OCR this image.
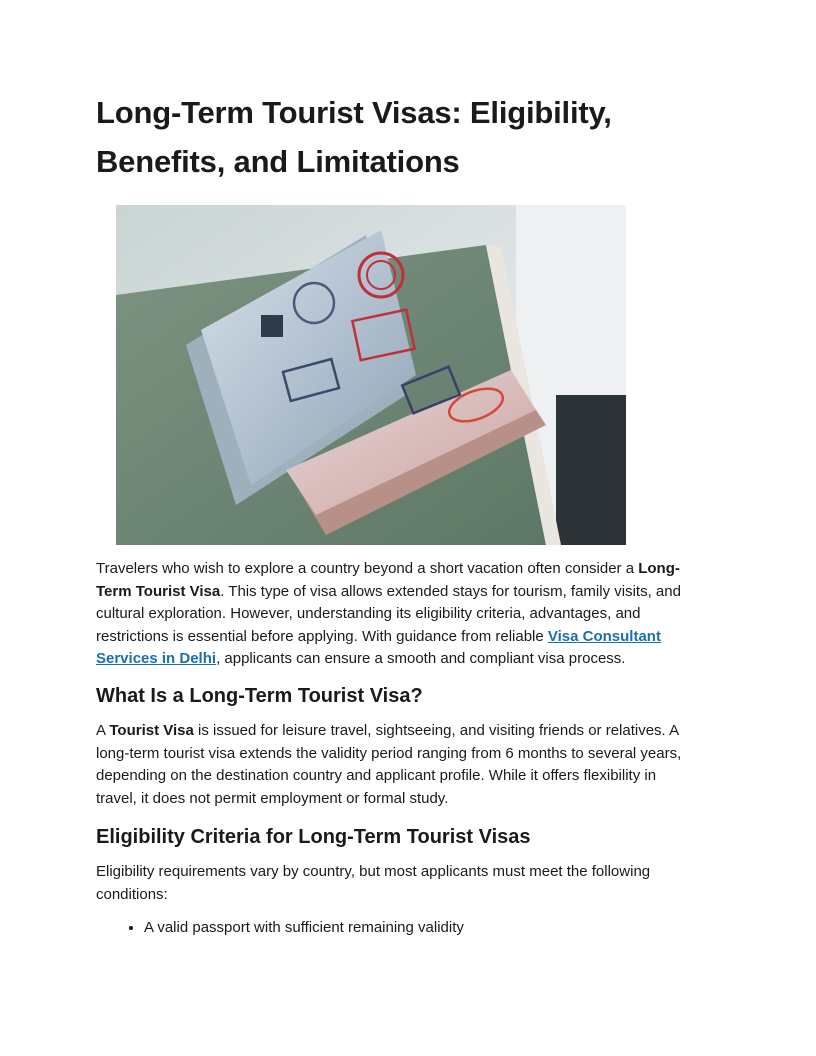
Long-Term Tourist Visas: Eligibility,
Benefits, and Limitations

Travelers who wish to explore a country beyond a short vacation often consider a Long-Term Tourist Visa. This type of visa allows extended stays for tourism, family visits, and cultural exploration. However, understanding its eligibility criteria, advantages, and restrictions is essential before applying. With guidance from reliable Visa Consultant Services in Delhi, applicants can ensure a smooth and compliant visa process.

What Is a Long-Term Tourist Visa?

A Tourist Visa is issued for leisure travel, sightseeing, and visiting friends or relatives. A long-term tourist visa extends the validity period ranging from 6 months to several years, depending on the destination country and applicant profile. While it offers flexibility in travel, it does not permit employment or formal study.

Eligibility Criteria for Long-Term Tourist Visas

Eligibility requirements vary by country, but most applicants must meet the following conditions:

• A valid passport with sufficient remaining validity
